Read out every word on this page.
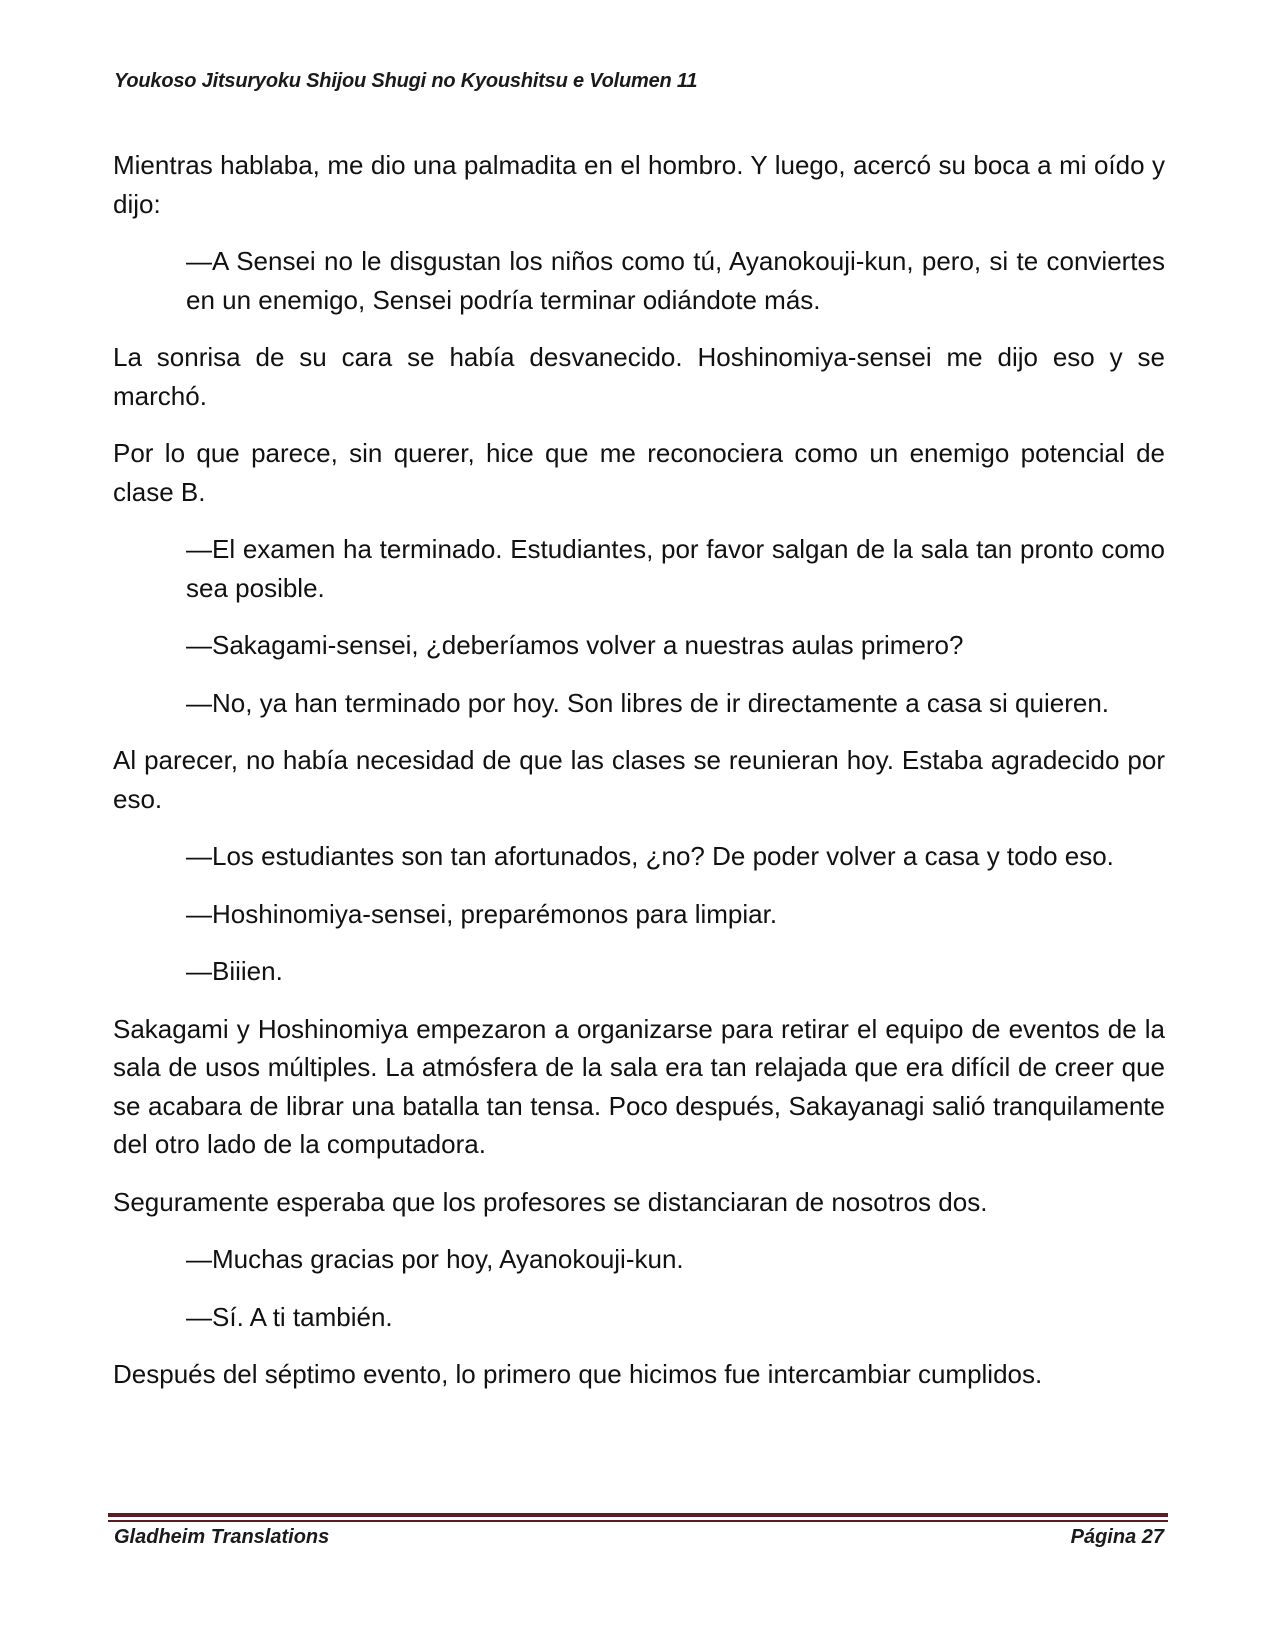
Youkoso Jitsuryoku Shijou Shugi no Kyoushitsu e Volumen 11

Mientras hablaba, me dio una palmadita en el hombro. Y luego, acercó su boca a mi oído y dijo:

—A Sensei no le disgustan los niños como tú, Ayanokouji-kun, pero, si te conviertes en un enemigo, Sensei podría terminar odiándote más.

La sonrisa de su cara se había desvanecido. Hoshinomiya-sensei me dijo eso y se marchó.

Por lo que parece, sin querer, hice que me reconociera como un enemigo potencial de clase B.

—El examen ha terminado. Estudiantes, por favor salgan de la sala tan pronto como sea posible.

—Sakagami-sensei, ¿deberíamos volver a nuestras aulas primero?

—No, ya han terminado por hoy. Son libres de ir directamente a casa si quieren.

Al parecer, no había necesidad de que las clases se reunieran hoy. Estaba agradecido por eso.

—Los estudiantes son tan afortunados, ¿no? De poder volver a casa y todo eso.

—Hoshinomiya-sensei, preparémonos para limpiar.

—Biiien.

Sakagami y Hoshinomiya empezaron a organizarse para retirar el equipo de eventos de la sala de usos múltiples. La atmósfera de la sala era tan relajada que era difícil de creer que se acabara de librar una batalla tan tensa. Poco después, Sakayanagi salió tranquilamente del otro lado de la computadora.

Seguramente esperaba que los profesores se distanciaran de nosotros dos.

—Muchas gracias por hoy, Ayanokouji-kun.

—Sí. A ti también.

Después del séptimo evento, lo primero que hicimos fue intercambiar cumplidos.

Gladheim Translations	Página 27
